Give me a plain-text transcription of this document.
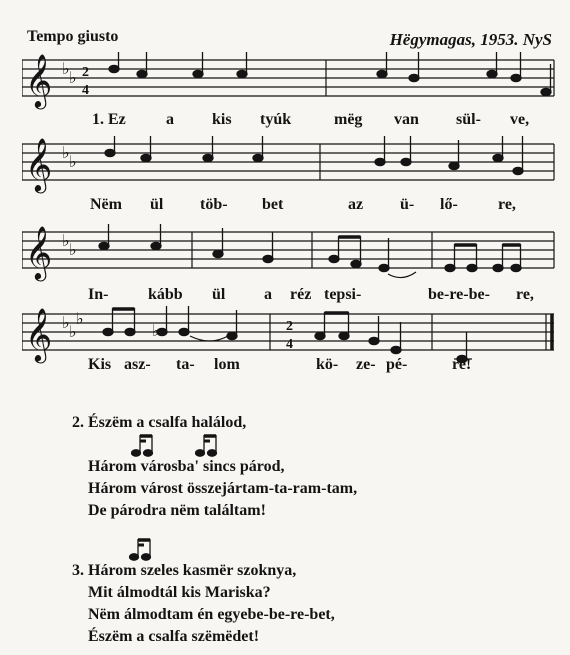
Tempo giusto	Hëgymagas, 1953. NyS
𝄞 ♭
♭ 2
4
1. Ez	a kis tyúk	mëg van sül- ve,
𝄞 ♭
♭
Nëm ül töb- bet	az ü- lő-	re,
𝄞 ♭
♭
In- kább ül a réz tepsi-	be-re-be- re,
𝄞 ♭
♭
♭	2
4
♭
Kis asz- ta- lom	kö- ze- pé-	re!
2. Észëm a csalfa halálod,
Három városba' sincs párod,
Három várost összejártam-ta-ram-tam,
De párodra nëm találtam!
3. Három szeles kasmër szoknya,
Mit álmodtál kis Mariska?
Nëm álmodtam én egyebe-be-re-bet,
Észëm a csalfa szëmëdet!
